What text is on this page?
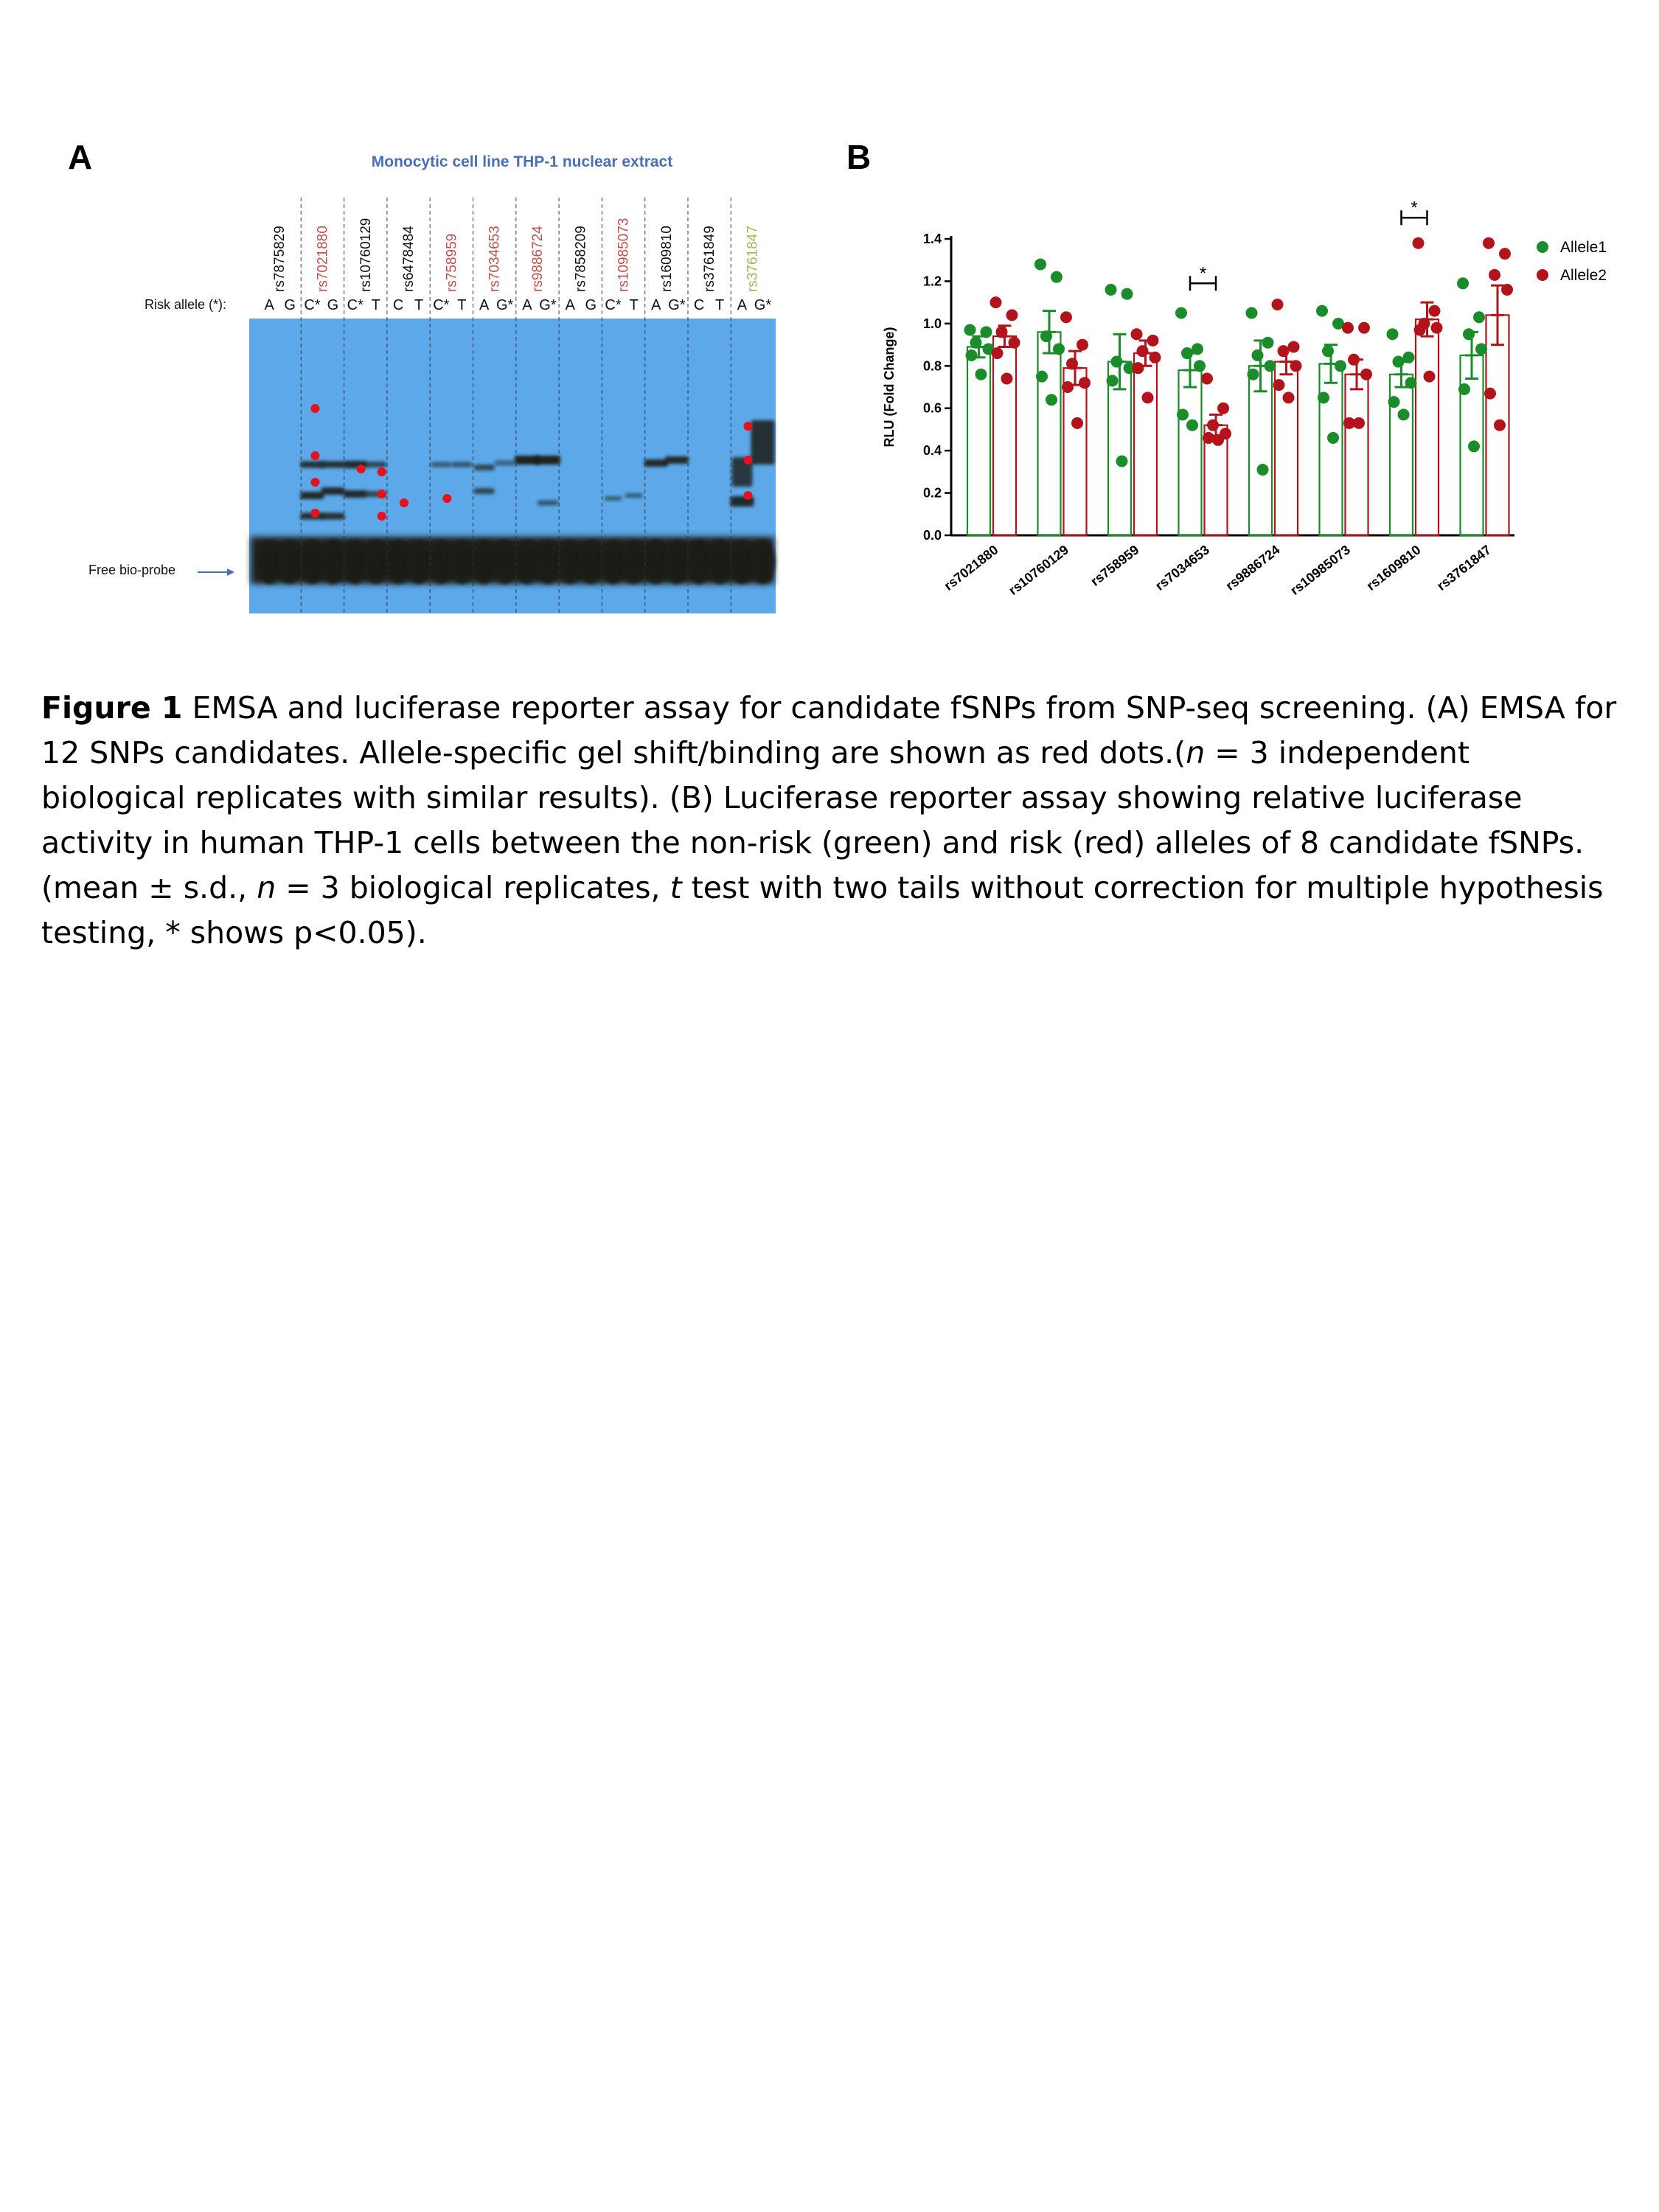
A	B
Monocytic cell line THP-1 nuclear extract
rs7875829 rs7021880 rs10760129 rs6478484 rs758959 rs7034653 rs9886724 rs7858209 rs10985073 rs1609810 rs3761849 rs3761847
Risk allele (*):	A G C* G C* T C T C* T A G* A G* A G C* T A G* C T A G*
Free bio-probe
0.0
0.2
0.4
0.6
0.8
1.0
1.2
1.4
RLU (Fold Change)
rs7021880 rs10760129 rs758959 rs7034653 rs9886724 rs10985073 rs1609810 rs3761847
*
*
Allele1
Allele2
Figure 1 EMSA and luciferase reporter assay for candidate fSNPs from SNP-seq screening. (A) EMSA for 12 SNPs candidates. Allele-specific gel shift/binding are shown as red dots.(n = 3 independent biological replicates with similar results). (B) Luciferase reporter assay showing relative luciferase activity in human THP-1 cells between the non-risk (green) and risk (red) alleles of 8 candidate fSNPs. (mean ± s.d., n = 3 biological replicates, t test with two tails without correction for multiple hypothesis testing, * shows p<0.05).
